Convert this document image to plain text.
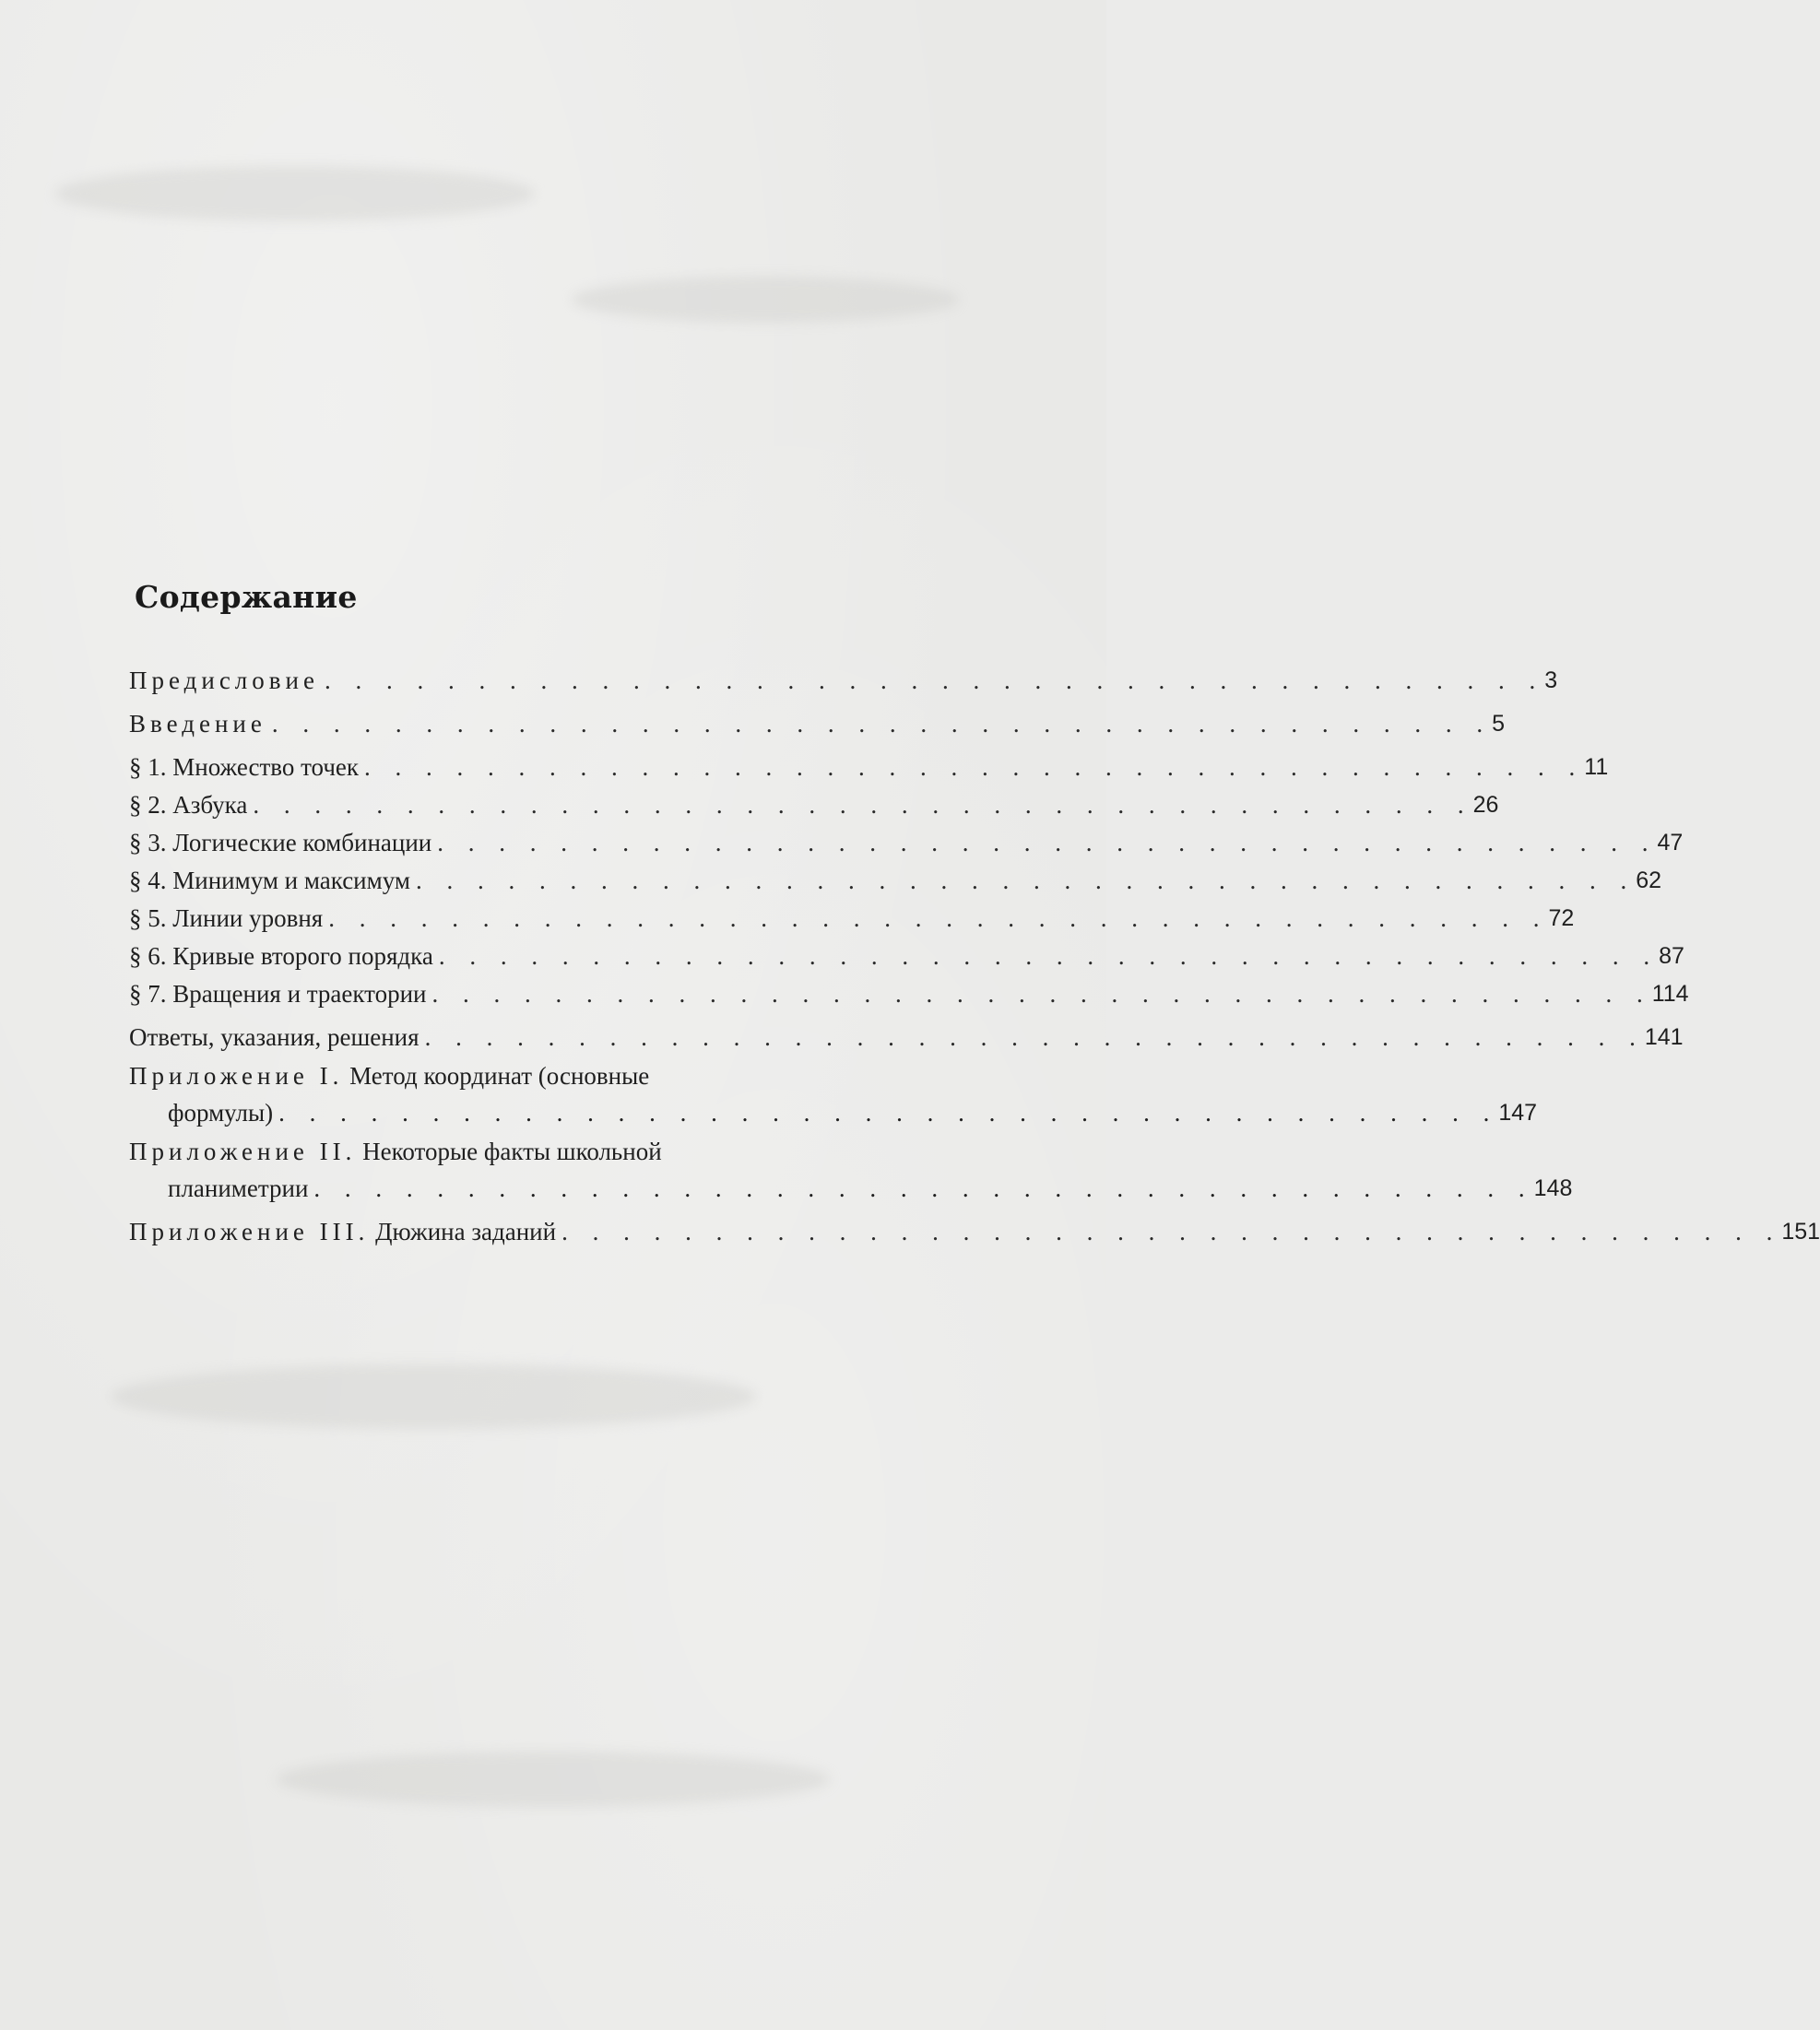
Содержание
Предисловие . . . . . . . . . . . . . . . . . . . . . . . . . . . . . . . . . . . . . . . . 3
Введение . . . . . . . . . . . . . . . . . . . . . . . . . . . . . . . . . . . . . . . . 5
§ 1. Множество точек . . . . . . . . . . . . . . . . . . . . . . . . . . . . . . . . . . . . . . . . 11
§ 2. Азбука . . . . . . . . . . . . . . . . . . . . . . . . . . . . . . . . . . . . . . . . 26
§ 3. Логические комбинации . . . . . . . . . . . . . . . . . . . . . . . . . . . . . . . . . . . . . . . . 47
§ 4. Минимум и максимум . . . . . . . . . . . . . . . . . . . . . . . . . . . . . . . . . . . . . . . . 62
§ 5. Линии уровня . . . . . . . . . . . . . . . . . . . . . . . . . . . . . . . . . . . . . . . . 72
§ 6. Кривые второго порядка . . . . . . . . . . . . . . . . . . . . . . . . . . . . . . . . . . . . . . . . 87
§ 7. Вращения и траектории . . . . . . . . . . . . . . . . . . . . . . . . . . . . . . . . . . . . . . . . 114
Ответы, указания, решения . . . . . . . . . . . . . . . . . . . . . . . . . . . . . . . . . . . . . . . . 141
Приложение I. Метод координат (основные
формулы) . . . . . . . . . . . . . . . . . . . . . . . . . . . . . . . . . . . . . . . . 147
Приложение II. Некоторые факты школьной
планиметрии . . . . . . . . . . . . . . . . . . . . . . . . . . . . . . . . . . . . . . . . 148
Приложение III. Дюжина заданий . . . . . . . . . . . . . . . . . . . . . . . . . . . . . . . . . . . . . . . . 151
